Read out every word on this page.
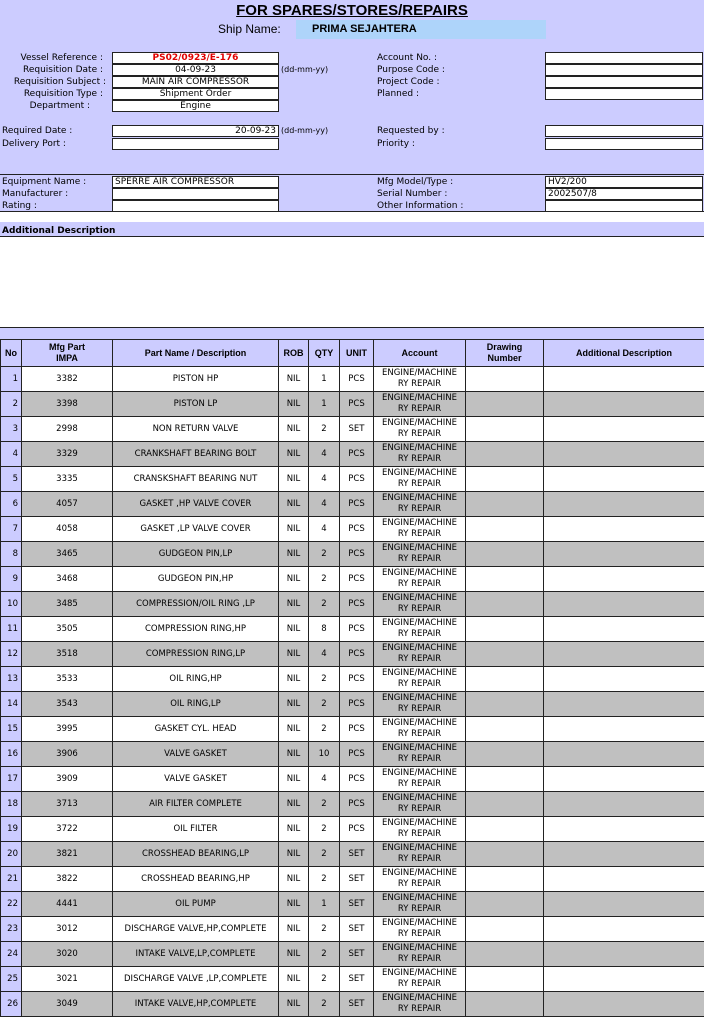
FOR SPARES/STORES/REPAIRS
Ship Name:	PRIMA SEJAHTERA
Vessel Reference :	PS02/0923/E-176
Requisition Date :	04-09-23	(dd-mm-yy)
Requisition Subject :	MAIN AIR COMPRESSOR
Requisition Type :	Shipment Order
Department :	Engine
Account No. :
Purpose Code :
Project Code :
Planned :
Required Date :	20-09-23 (dd-mm-yy)
Delivery Port :
Requested by :
Priority :
Equipment Name :	SPERRE AIR COMPRESSOR
Manufacturer :
Rating :
Mfg Model/Type :	HV2/200
Serial Number :	2002507/8
Other Information :
Additional Description
No	Mfg Part
IMPA	Part Name / Description	ROB	QTY	UNIT	Account	Drawing
Number	Additional Description
1	3382	PISTON HP	NIL	1	PCS	ENGINE/MACHINE
RY REPAIR		
2	3398	PISTON LP	NIL	1	PCS	ENGINE/MACHINE
RY REPAIR		
3	2998	NON RETURN VALVE	NIL	2	SET	ENGINE/MACHINE
RY REPAIR		
4	3329	CRANKSHAFT BEARING BOLT	NIL	4	PCS	ENGINE/MACHINE
RY REPAIR		
5	3335	CRANSKSHAFT BEARING NUT	NIL	4	PCS	ENGINE/MACHINE
RY REPAIR		
6	4057	GASKET ,HP VALVE COVER	NIL	4	PCS	ENGINE/MACHINE
RY REPAIR		
7	4058	GASKET ,LP VALVE COVER	NIL	4	PCS	ENGINE/MACHINE
RY REPAIR		
8	3465	GUDGEON PIN,LP	NIL	2	PCS	ENGINE/MACHINE
RY REPAIR		
9	3468	GUDGEON PIN,HP	NIL	2	PCS	ENGINE/MACHINE
RY REPAIR		
10	3485	COMPRESSION/OIL RING ,LP	NIL	2	PCS	ENGINE/MACHINE
RY REPAIR		
11	3505	COMPRESSION RING,HP	NIL	8	PCS	ENGINE/MACHINE
RY REPAIR		
12	3518	COMPRESSION RING,LP	NIL	4	PCS	ENGINE/MACHINE
RY REPAIR		
13	3533	OIL RING,HP	NIL	2	PCS	ENGINE/MACHINE
RY REPAIR		
14	3543	OIL RING,LP	NIL	2	PCS	ENGINE/MACHINE
RY REPAIR		
15	3995	GASKET CYL. HEAD	NIL	2	PCS	ENGINE/MACHINE
RY REPAIR		
16	3906	VALVE GASKET	NIL	10	PCS	ENGINE/MACHINE
RY REPAIR		
17	3909	VALVE GASKET	NIL	4	PCS	ENGINE/MACHINE
RY REPAIR		
18	3713	AIR FILTER COMPLETE	NIL	2	PCS	ENGINE/MACHINE
RY REPAIR		
19	3722	OIL FILTER	NIL	2	PCS	ENGINE/MACHINE
RY REPAIR		
20	3821	CROSSHEAD BEARING,LP	NIL	2	SET	ENGINE/MACHINE
RY REPAIR		
21	3822	CROSSHEAD BEARING,HP	NIL	2	SET	ENGINE/MACHINE
RY REPAIR		
22	4441	OIL PUMP	NIL	1	SET	ENGINE/MACHINE
RY REPAIR		
23	3012	DISCHARGE VALVE,HP,COMPLETE	NIL	2	SET	ENGINE/MACHINE
RY REPAIR		
24	3020	INTAKE VALVE,LP,COMPLETE	NIL	2	SET	ENGINE/MACHINE
RY REPAIR		
25	3021	DISCHARGE VALVE ,LP,COMPLETE	NIL	2	SET	ENGINE/MACHINE
RY REPAIR		
26	3049	INTAKE VALVE,HP,COMPLETE	NIL	2	SET	ENGINE/MACHINE
RY REPAIR		
